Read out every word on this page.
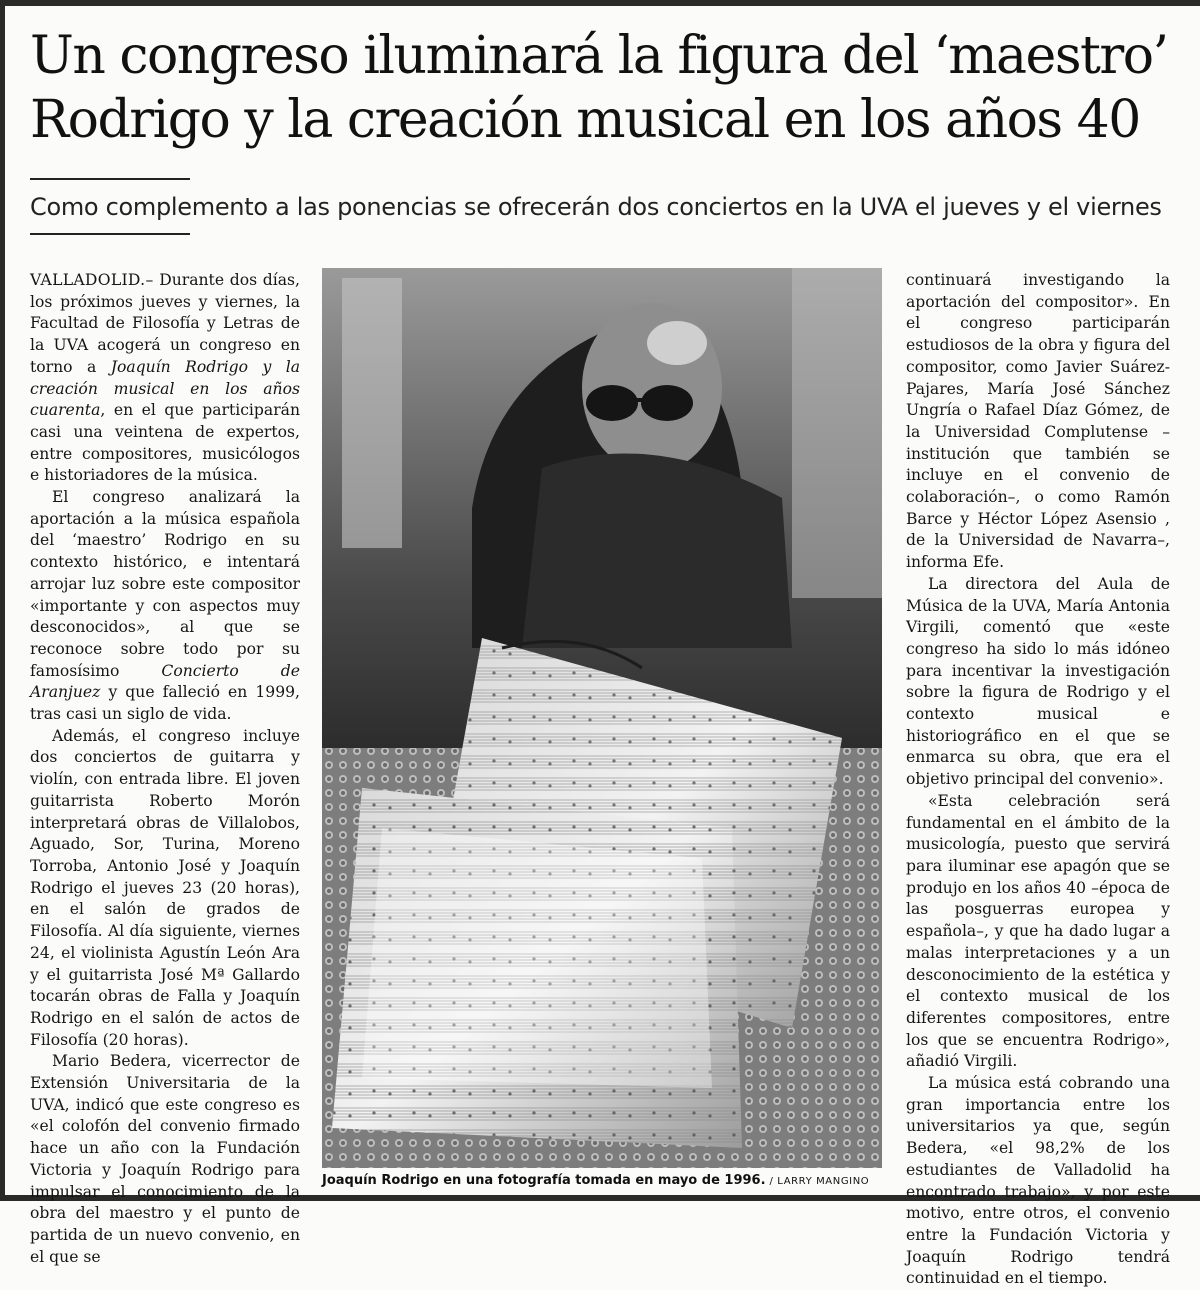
Un congreso iluminará la figura del ‘maestro’
Rodrigo y la creación musical en los años 40
Como complemento a las ponencias se ofrecerán dos conciertos en la UVA el jueves y el viernes

VALLADOLID.– Durante dos días, los próximos jueves y viernes, la Facultad de Filosofía y Letras de la UVA acogerá un congreso en torno a Joaquín Rodrigo y la creación musical en los años cuarenta, en el que participarán casi una veintena de expertos, entre compositores, musicólogos e historiadores de la música.

El congreso analizará la aportación a la música española del ‘maestro’ Rodrigo en su contexto histórico, e intentará arrojar luz sobre este compositor «importante y con aspectos muy desconocidos», al que se reconoce sobre todo por su famosísimo Concierto de Aranjuez y que falleció en 1999, tras casi un siglo de vida.

Además, el congreso incluye dos conciertos de guitarra y violín, con entrada libre. El joven guitarrista Roberto Morón interpretará obras de Villalobos, Aguado, Sor, Turina, Moreno Torroba, Antonio José y Joaquín Rodrigo el jueves 23 (20 horas), en el salón de grados de Filosofía. Al día siguiente, viernes 24, el violinista Agustín León Ara y el guitarrista José Mª Gallardo tocarán obras de Falla y Joaquín Rodrigo en el salón de actos de Filosofía (20 horas).

Mario Bedera, vicerrector de Extensión Universitaria de la UVA, indicó que este congreso es «el colofón del convenio firmado hace un año con la Fundación Victoria y Joaquín Rodrigo para impulsar el conocimiento de la obra del maestro y el punto de partida de un nuevo convenio, en el que se

Joaquín Rodrigo en una fotografía tomada en mayo de 1996. / LARRY MANGINO

continuará investigando la aportación del compositor». En el congreso participarán estudiosos de la obra y figura del compositor, como Javier Suárez-Pajares, María José Sánchez Ungría o Rafael Díaz Gómez, de la Universidad Complutense –institución que también se incluye en el convenio de colaboración–, o como Ramón Barce y Héctor López Asensio , de la Universidad de Navarra–, informa Efe.

La directora del Aula de Música de la UVA, María Antonia Virgili, comentó que «este congreso ha sido lo más idóneo para incentivar la investigación sobre la figura de Rodrigo y el contexto musical e historiográfico en el que se enmarca su obra, que era el objetivo principal del convenio».

«Esta celebración será fundamental en el ámbito de la musicología, puesto que servirá para iluminar ese apagón que se produjo en los años 40 –época de las posguerras europea y española–, y que ha dado lugar a malas interpretaciones y a un desconocimiento de la estética y el contexto musical de los diferentes compositores, entre los que se encuentra Rodrigo», añadió Virgili.

La música está cobrando una gran importancia entre los universitarios ya que, según Bedera, «el 98,2% de los estudiantes de Valladolid ha encontrado trabajo», y por este motivo, entre otros, el convenio entre la Fundación Victoria y Joaquín Rodrigo tendrá continuidad en el tiempo.
